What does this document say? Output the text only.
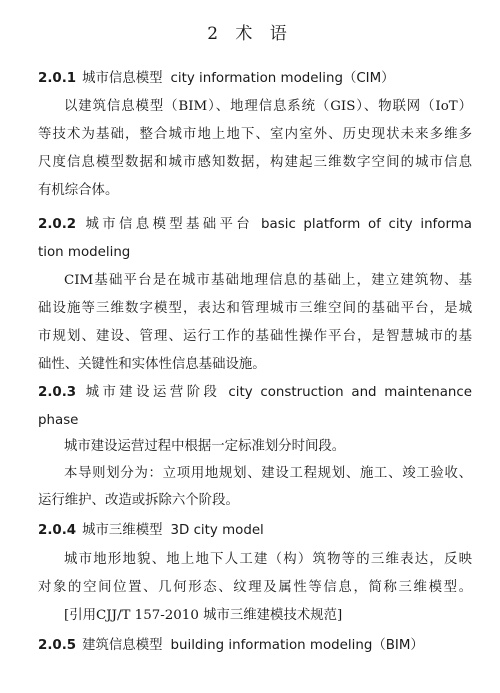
2 术 语
2.0.1 城市信息模型 city information modeling（CIM）
以建筑信息模型（BIM）、地理信息系统（GIS）、物联网（IoT）
等技术为基础，整合城市地上地下、室内室外、历史现状未来多维多
尺度信息模型数据和城市感知数据，构建起三维数字空间的城市信息
有机综合体。
2.0.2 城市信息模型基础平台 basic platform of city informa
tion modeling
CIM基础平台是在城市基础地理信息的基础上，建立建筑物、基
础设施等三维数字模型，表达和管理城市三维空间的基础平台，是城
市规划、建设、管理、运行工作的基础性操作平台，是智慧城市的基
础性、关键性和实体性信息基础设施。
2.0.3 城市建设运营阶段 city construction and maintenance
phase
城市建设运营过程中根据一定标准划分时间段。
本导则划分为：立项用地规划、建设工程规划、施工、竣工验收、
运行维护、改造或拆除六个阶段。
2.0.4 城市三维模型 3D city model
城市地形地貌、地上地下人工建（构）筑物等的三维表达，反映
对象的空间位置、几何形态、纹理及属性等信息，简称三维模型。
[引用CJJ/T 157-2010 城市三维建模技术规范]
2.0.5 建筑信息模型 building information modeling（BIM）
